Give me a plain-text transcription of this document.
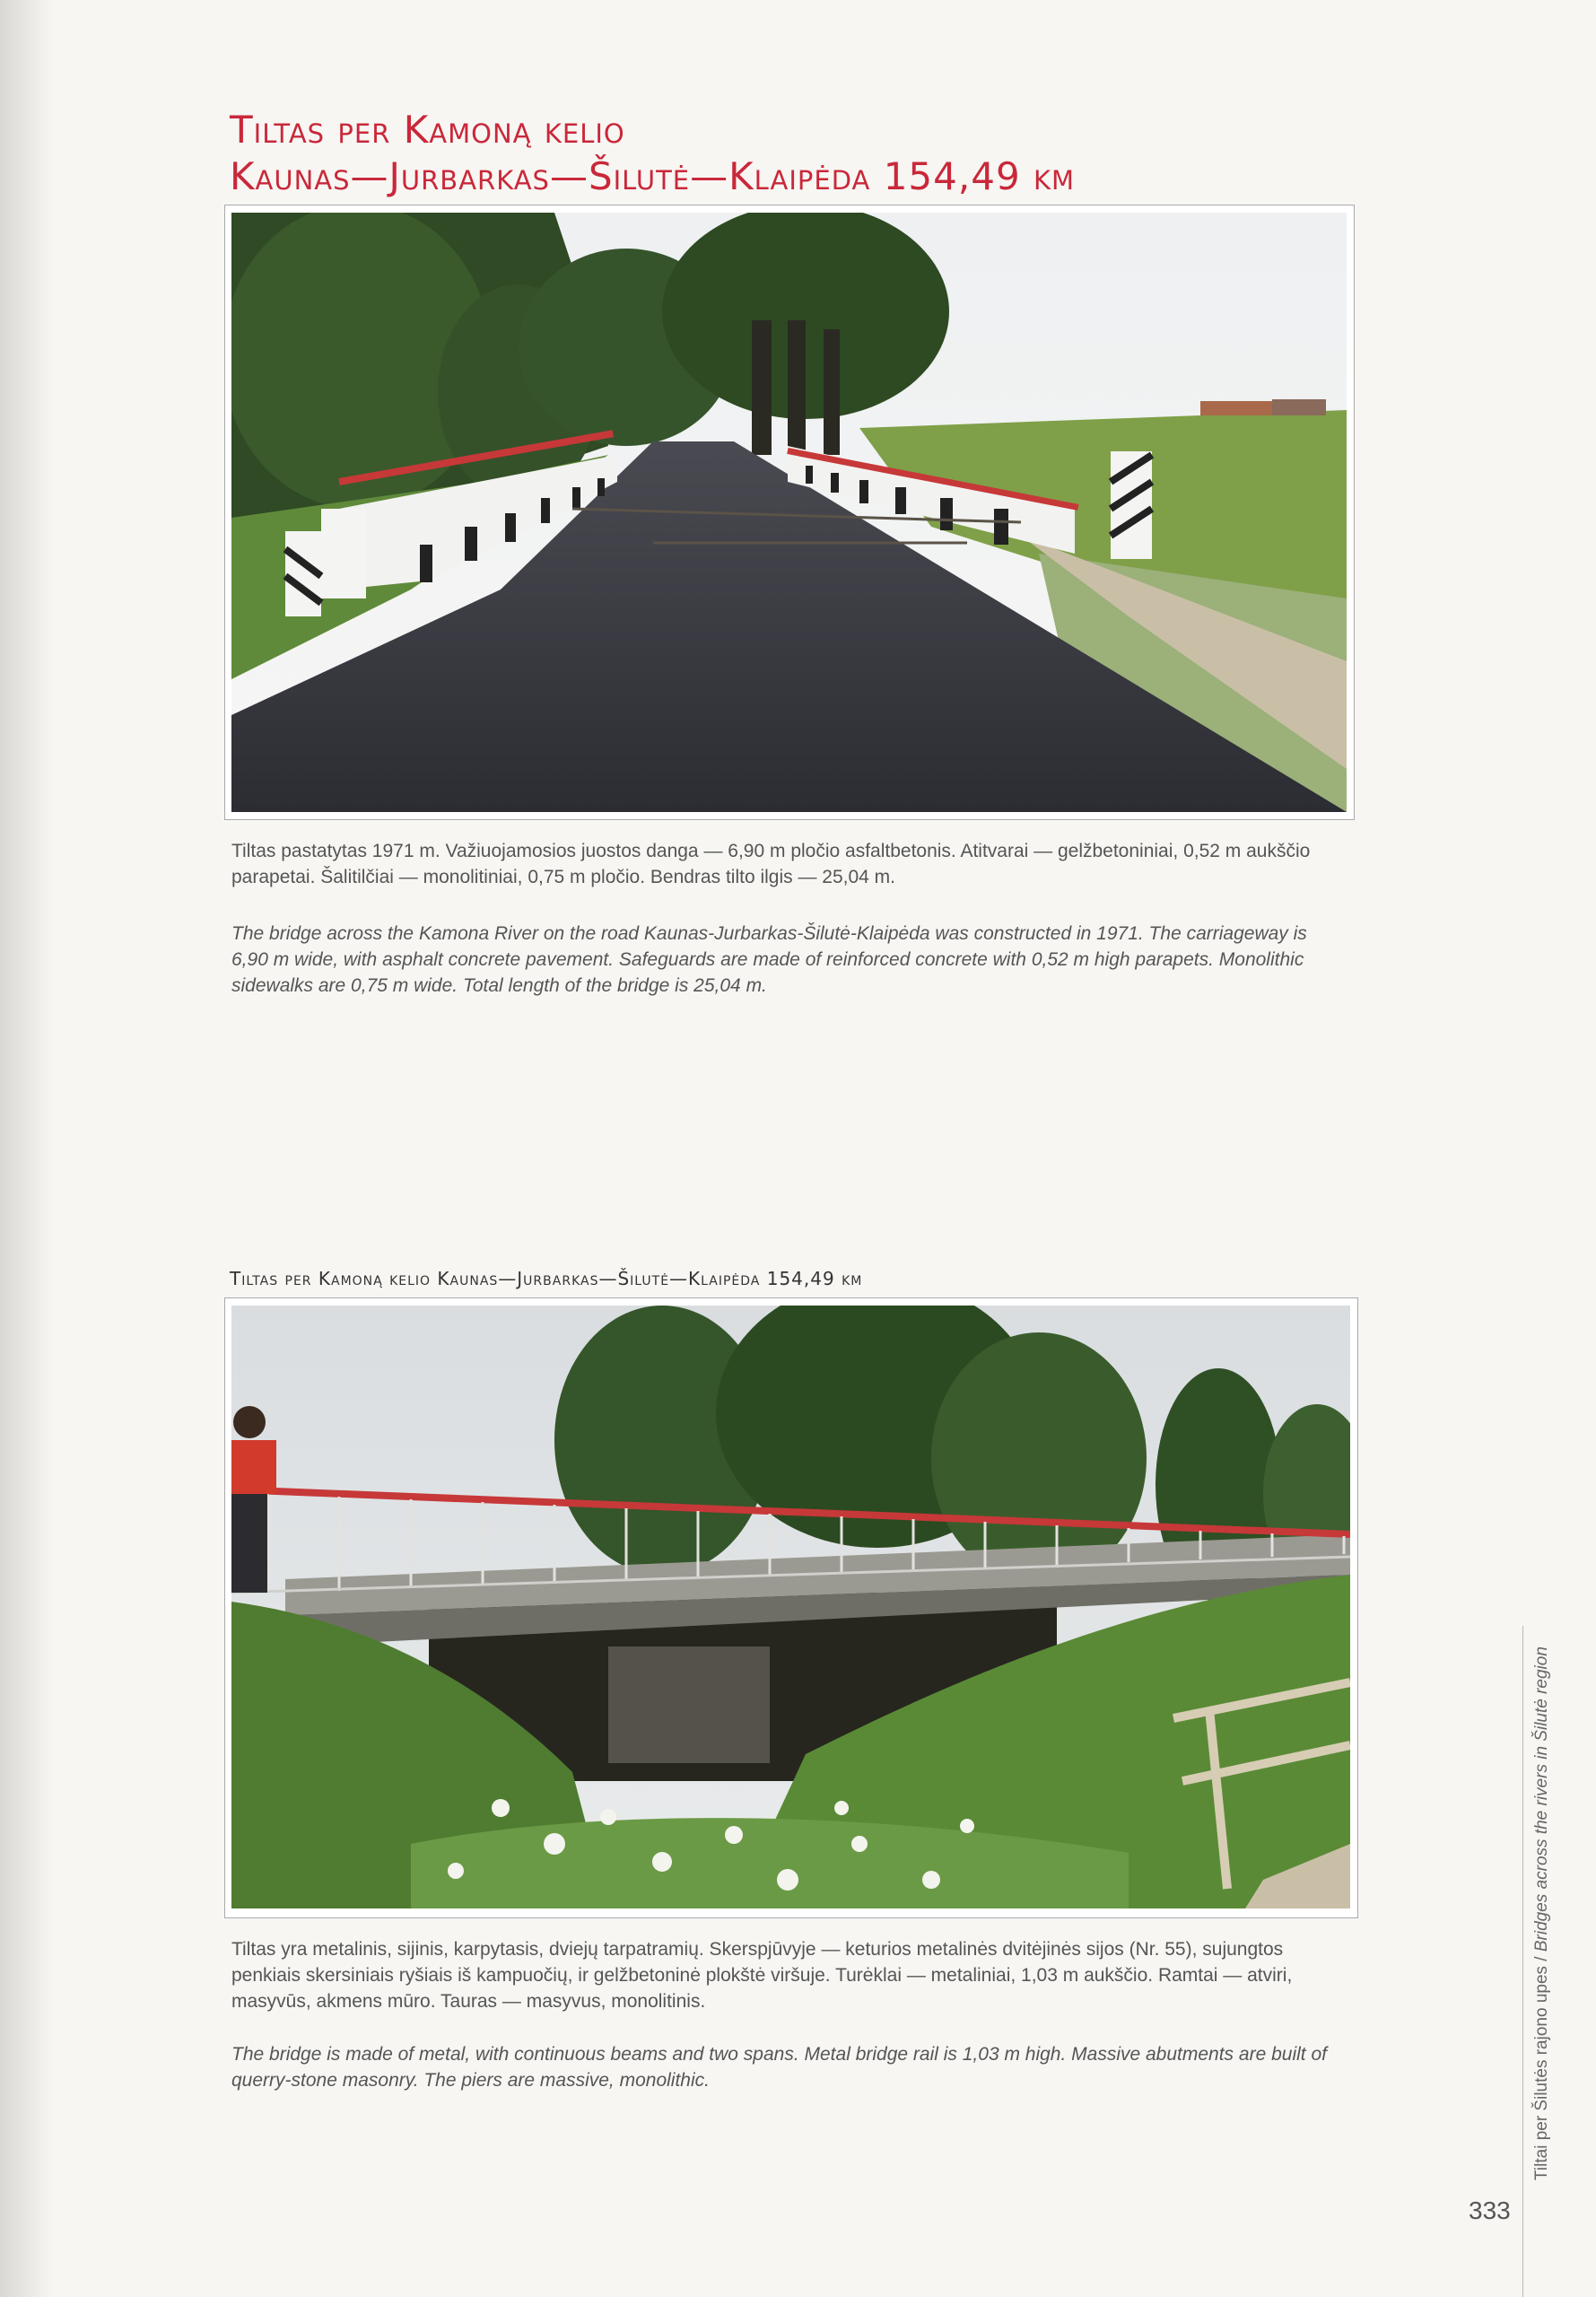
Tiltas per Kamoną kelio
Kaunas—Jurbarkas—Šilutė—Klaipėda 154,49 km
Tiltas pastatytas 1971 m. Važiuojamosios juostos danga — 6,90 m pločio asfaltbetonis. Atitvarai — gelžbetoniniai, 0,52 m aukščio parapetai. Šalitilčiai — monolitiniai, 0,75 m pločio. Bendras tilto ilgis — 25,04 m.
The bridge across the Kamona River on the road Kaunas-Jurbarkas-Šilutė-Klaipėda was constructed in 1971. The carriageway is 6,90 m wide, with asphalt concrete pavement. Safeguards are made of reinforced concrete with 0,52 m high parapets. Monolithic sidewalks are 0,75 m wide. Total length of the bridge is 25,04 m.
Tiltas per Kamoną kelio Kaunas—Jurbarkas—Šilutė—Klaipėda 154,49 km
Tiltas yra metalinis, sijinis, karpytasis, dviejų tarpatramių. Skerspjūvyje — keturios metalinės dvitėjinės sijos (Nr. 55), sujungtos penkiais skersiniais ryšiais iš kampuočių, ir gelžbetoninė plokštė viršuje. Turėklai — metaliniai, 1,03 m aukščio. Ramtai — atviri, masyvūs, akmens mūro. Tauras — masyvus, monolitinis.
The bridge is made of metal, with continuous beams and two spans. Metal bridge rail is 1,03 m high. Massive abutments are built of querry-stone masonry. The piers are massive, monolithic.	Tiltai per Šilutės rajono upes / Bridges across the rivers in Šilutė region
333
